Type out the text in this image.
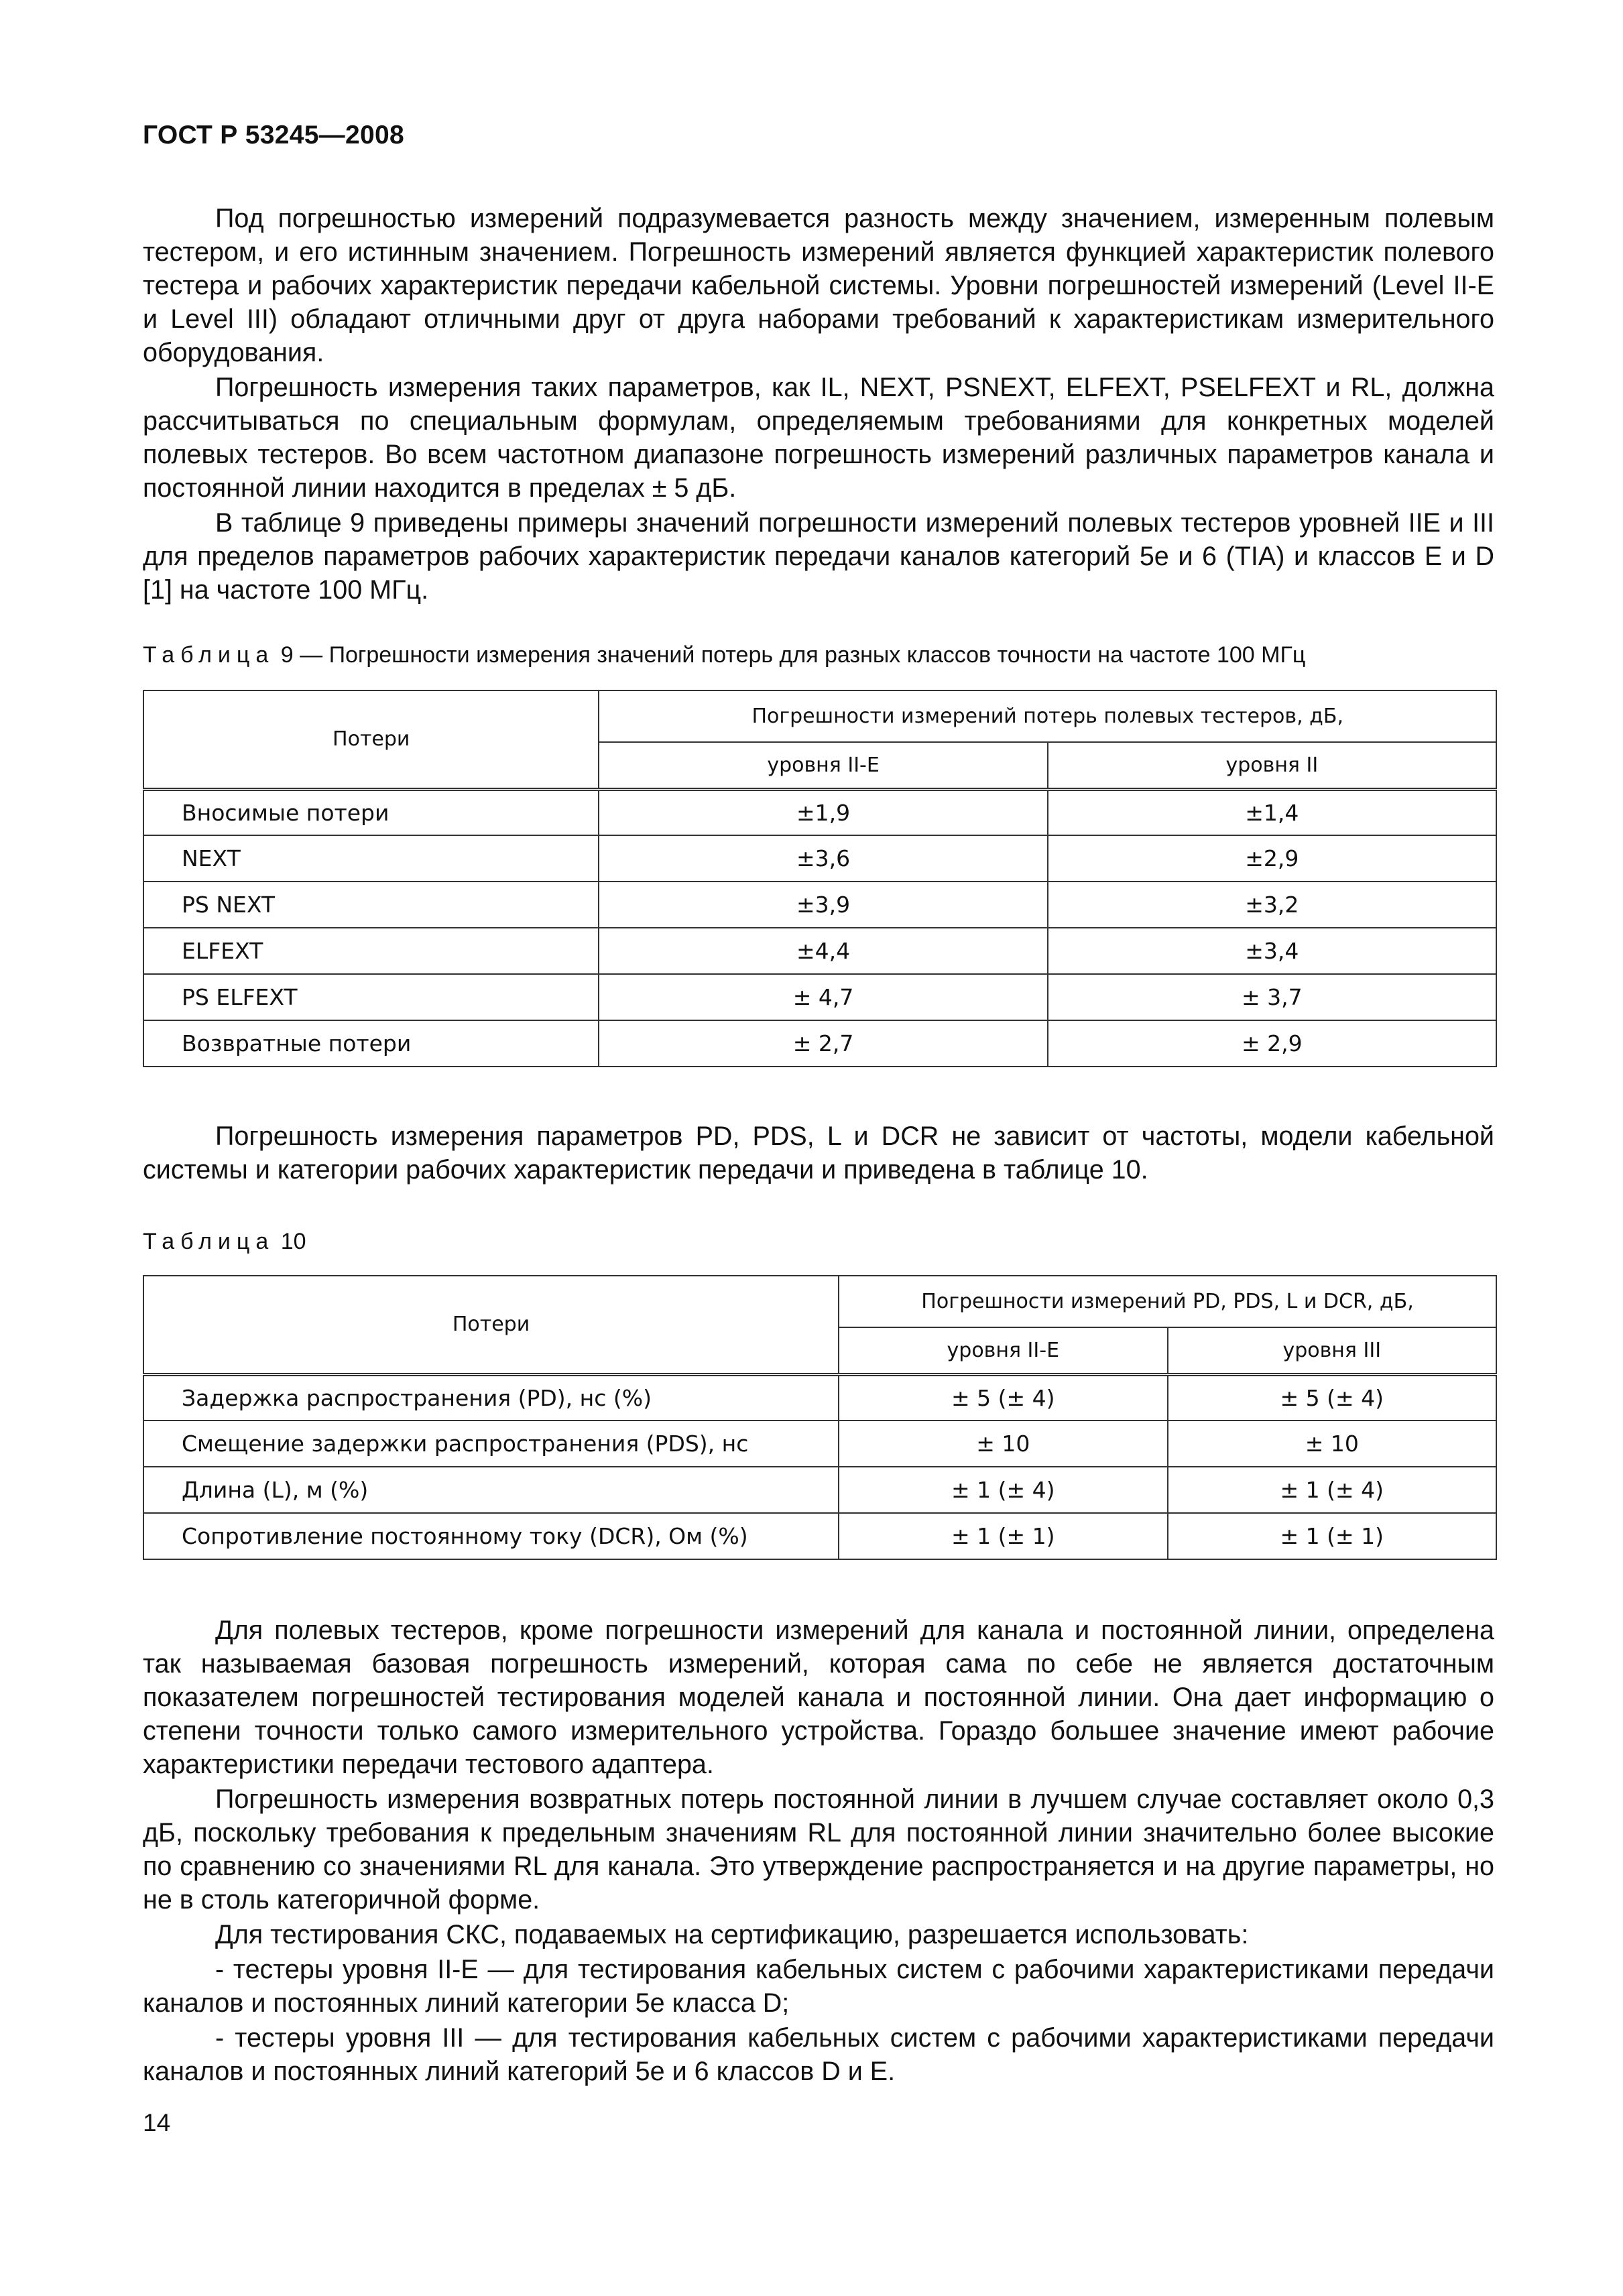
ГОСТ Р 53245—2008

Под погрешностью измерений подразумевается разность между значением, измеренным полевым тестером, и его истинным значением. Погрешность измерений является функцией характеристик полевого тестера и рабочих характеристик передачи кабельной системы. Уровни погрешностей измерений (Level II-E и Level III) обладают отличными друг от друга наборами требований к характеристикам измерительного оборудования.

Погрешность измерения таких параметров, как IL, NEXT, PSNEXT, ELFEXT, PSELFEXT и RL, должна рассчитываться по специальным формулам, определяемым требованиями для конкретных моделей полевых тестеров. Во всем частотном диапазоне погрешность измерений различных параметров канала и постоянной линии находится в пределах ± 5 дБ.

В таблице 9 приведены примеры значений погрешности измерений полевых тестеров уровней IIE и III для пределов параметров рабочих характеристик передачи каналов категорий 5e и 6 (TIA) и классов E и D [1] на частоте 100 МГц.

Таблица 9 — Погрешности измерения значений потерь для разных классов точности на частоте 100 МГц
Потери	Погрешности измерений потерь полевых тестеров, дБ,	
	уровня II-E	уровня II
Вносимые потери	±1,9	±1,4
NEXT	±3,6	±2,9
PS NEXT	±3,9	±3,2
ELFEXT	±4,4	±3,4
PS ELFEXT	± 4,7	± 3,7
Возвратные потери	± 2,7	± 2,9

Погрешность измерения параметров PD, PDS, L и DCR не зависит от частоты, модели кабельной системы и категории рабочих характеристик передачи и приведена в таблице 10.

Таблица 10
Потери	Погрешности измерений PD, PDS, L и DCR, дБ,	
	уровня II-E	уровня III
Задержка распространения (PD), нс (%)	± 5 (± 4)	± 5 (± 4)
Смещение задержки распространения (PDS), нс	± 10	± 10
Длина (L), м (%)	± 1 (± 4)	± 1 (± 4)
Сопротивление постоянному току (DCR), Ом (%)	± 1 (± 1)	± 1 (± 1)

Для полевых тестеров, кроме погрешности измерений для канала и постоянной линии, определена так называемая базовая погрешность измерений, которая сама по себе не является достаточным показателем погрешностей тестирования моделей канала и постоянной линии. Она дает информацию о степени точности только самого измерительного устройства. Гораздо большее значение имеют рабочие характеристики передачи тестового адаптера.

Погрешность измерения возвратных потерь постоянной линии в лучшем случае составляет около 0,3 дБ, поскольку требования к предельным значениям RL для постоянной линии значительно более высокие по сравнению со значениями RL для канала. Это утверждение распространяется и на другие параметры, но не в столь категоричной форме.

Для тестирования СКС, подаваемых на сертификацию, разрешается использовать:

- тестеры уровня II-E — для тестирования кабельных систем с рабочими характеристиками передачи каналов и постоянных линий категории 5e класса D;

- тестеры уровня III — для тестирования кабельных систем с рабочими характеристиками передачи каналов и постоянных линий категорий 5e и 6 классов D и E.

14
